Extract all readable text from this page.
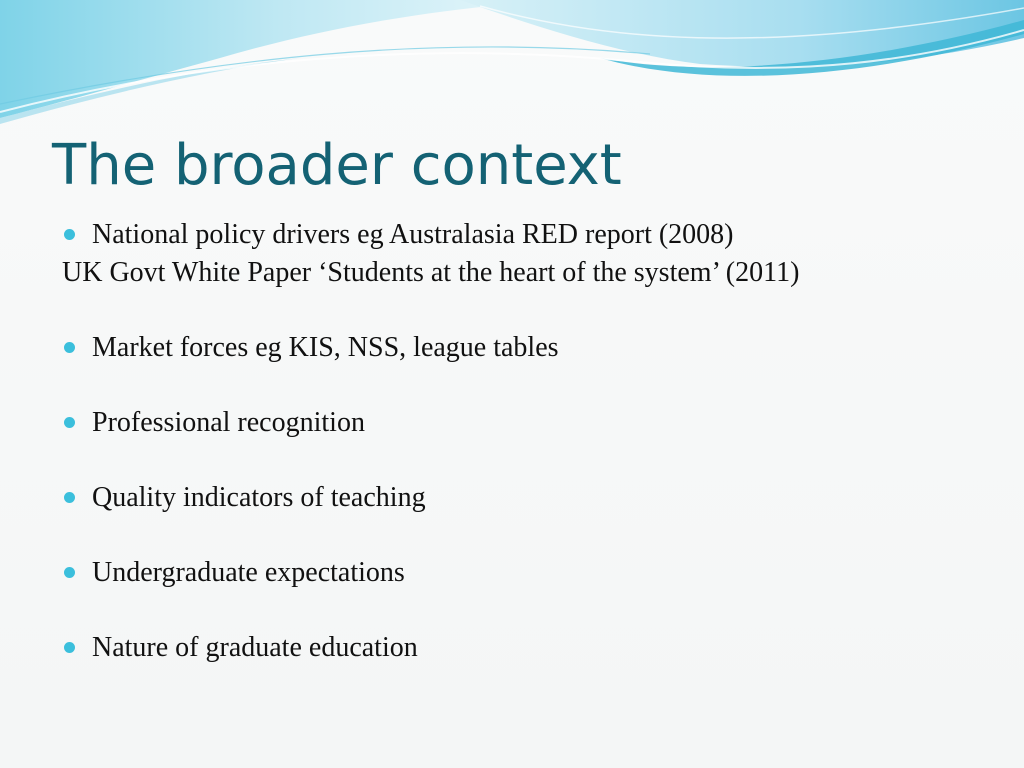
The broader context
National policy drivers eg Australasia RED report (2008)
UK Govt White Paper ‘Students at the heart of the system’ (2011)
Market forces eg KIS, NSS, league tables
Professional recognition
Quality indicators of teaching
Undergraduate expectations
Nature of graduate education
